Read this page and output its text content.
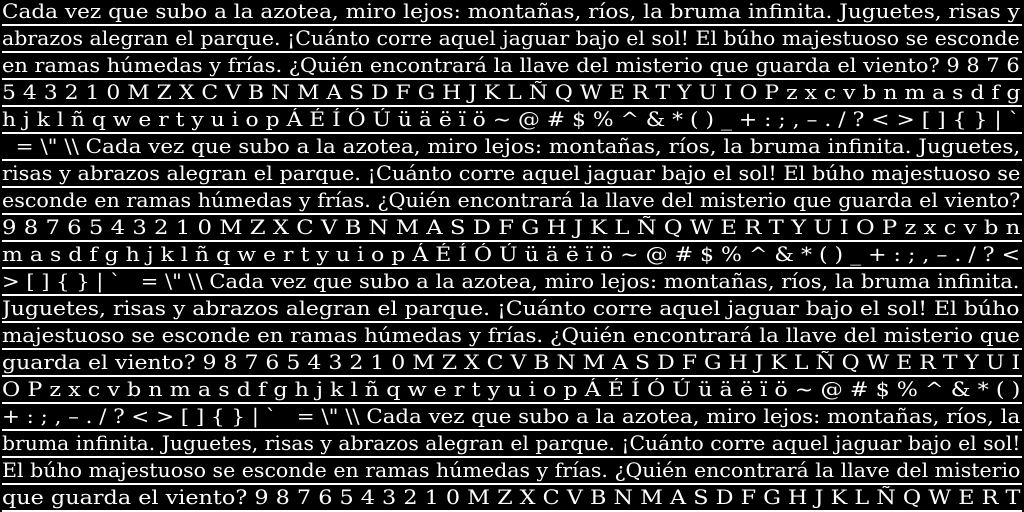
Cada vez que subo a la azotea, miro lejos: montañas, ríos, la bruma infinita. Juguetes, risas y
abrazos alegran el parque. ¡Cuánto corre aquel jaguar bajo el sol! El búho majestuoso se esconde
en ramas húmedas y frías. ¿Quién encontrará la llave del misterio que guarda el viento? 9 8 7 6
5 4 3 2 1 0 M Z X C V B N M A S D F G H J K L Ñ Q W E R T Y U I O P z x c v b n m a s d f g
h j k l ñ q w e r t y u i o p Á É Í Ó Ú ü ä ë ï ö ~ @ # $ % ^ & * ( ) _ + : ; , – . / ? < > [ ] { } | `
= \" \\ Cada vez que subo a la azotea, miro lejos: montañas, ríos, la bruma infinita. Juguetes,
risas y abrazos alegran el parque. ¡Cuánto corre aquel jaguar bajo el sol! El búho majestuoso se
esconde en ramas húmedas y frías. ¿Quién encontrará la llave del misterio que guarda el viento?
9 8 7 6 5 4 3 2 1 0 M Z X C V B N M A S D F G H J K L Ñ Q W E R T Y U I O P z x c v b n
m a s d f g h j k l ñ q w e r t y u i o p Á É Í Ó Ú ü ä ë ï ö ~ @ # $ % ^ & * ( ) _ + : ; , – . / ? <
> [ ] { } | `   = \" \\ Cada vez que subo a la azotea, miro lejos: montañas, ríos, la bruma infinita.
Juguetes, risas y abrazos alegran el parque. ¡Cuánto corre aquel jaguar bajo el sol! El búho
majestuoso se esconde en ramas húmedas y frías. ¿Quién encontrará la llave del misterio que
guarda el viento? 9 8 7 6 5 4 3 2 1 0 M Z X C V B N M A S D F G H J K L Ñ Q W E R T Y U I
O P z x c v b n m a s d f g h j k l ñ q w e r t y u i o p Á É Í Ó Ú ü ä ë ï ö ~ @ # $ % ^ & * ( )
+ : ; , – . / ? < > [ ] { } | `   = \" \\ Cada vez que subo a la azotea, miro lejos: montañas, ríos, la
bruma infinita. Juguetes, risas y abrazos alegran el parque. ¡Cuánto corre aquel jaguar bajo el sol!
El búho majestuoso se esconde en ramas húmedas y frías. ¿Quién encontrará la llave del misterio
que guarda el viento? 9 8 7 6 5 4 3 2 1 0 M Z X C V B N M A S D F G H J K L Ñ Q W E R T
